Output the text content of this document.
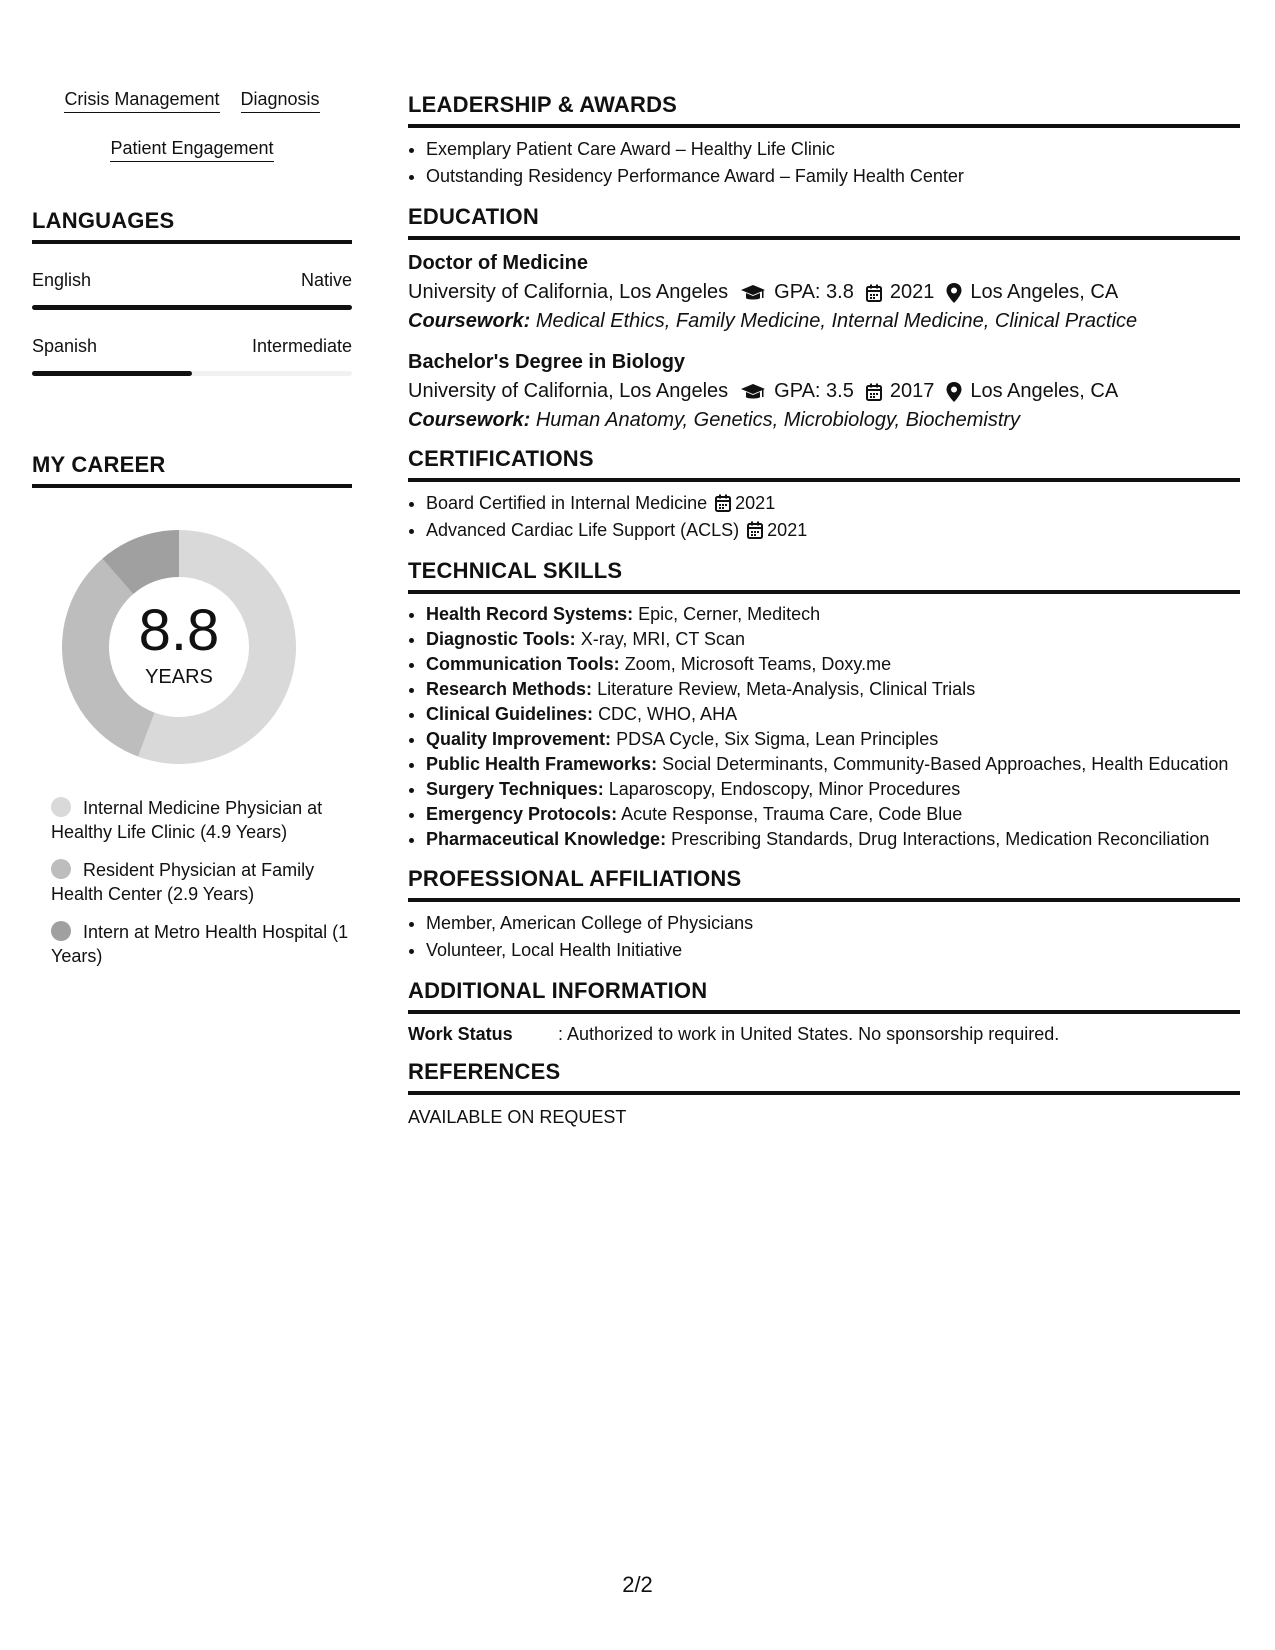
Crisis Management Diagnosis
Patient Engagement
LANGUAGES
English	Native
Spanish	Intermediate
MY CAREER
8.8
YEARS
Internal Medicine Physician at Healthy Life Clinic (4.9 Years)
Resident Physician at Family Health Center (2.9 Years)
Intern at Metro Health Hospital (1 Years)
LEADERSHIP & AWARDS
• Exemplary Patient Care Award – Healthy Life Clinic
• Outstanding Residency Performance Award – Family Health Center
EDUCATION
Doctor of Medicine
University of California, Los Angeles GPA: 3.8 2021 Los Angeles, CA
Coursework: Medical Ethics, Family Medicine, Internal Medicine, Clinical Practice
Bachelor's Degree in Biology
University of California, Los Angeles GPA: 3.5 2017 Los Angeles, CA
Coursework: Human Anatomy, Genetics, Microbiology, Biochemistry
CERTIFICATIONS
• Board Certified in Internal Medicine 2021
• Advanced Cardiac Life Support (ACLS) 2021
TECHNICAL SKILLS
• Health Record Systems: Epic, Cerner, Meditech
• Diagnostic Tools: X-ray, MRI, CT Scan
• Communication Tools: Zoom, Microsoft Teams, Doxy.me
• Research Methods: Literature Review, Meta-Analysis, Clinical Trials
• Clinical Guidelines: CDC, WHO, AHA
• Quality Improvement: PDSA Cycle, Six Sigma, Lean Principles
• Public Health Frameworks: Social Determinants, Community-Based Approaches, Health Education
• Surgery Techniques: Laparoscopy, Endoscopy, Minor Procedures
• Emergency Protocols: Acute Response, Trauma Care, Code Blue
• Pharmaceutical Knowledge: Prescribing Standards, Drug Interactions, Medication Reconciliation
PROFESSIONAL AFFILIATIONS
• Member, American College of Physicians
• Volunteer, Local Health Initiative
ADDITIONAL INFORMATION
Work Status	: Authorized to work in United States. No sponsorship required.
REFERENCES
AVAILABLE ON REQUEST
2/2
